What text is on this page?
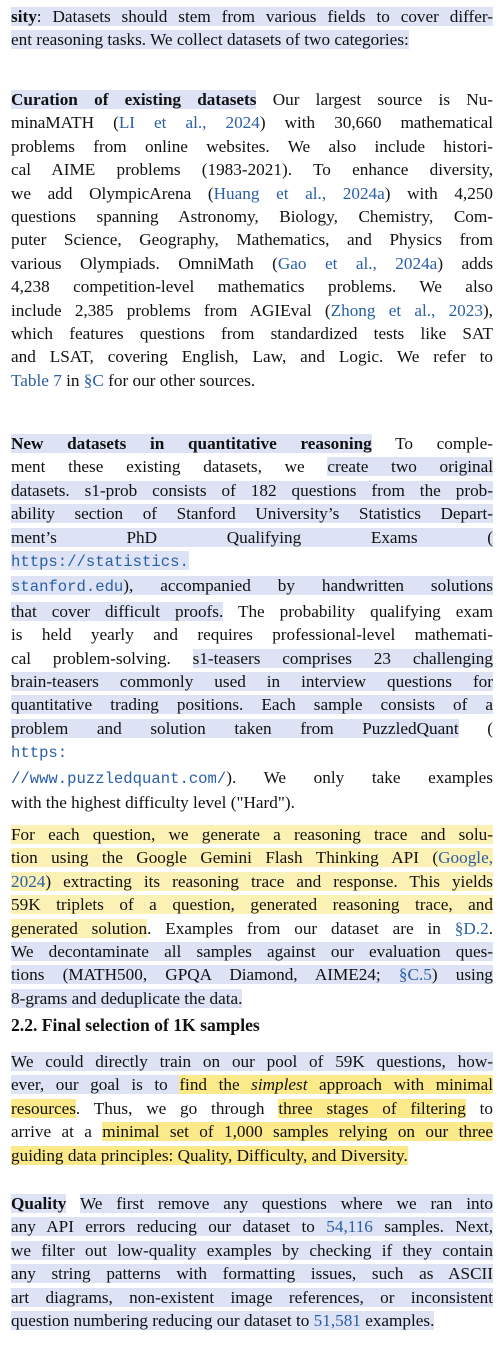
sity: Datasets should stem from various fields to cover differ-
ent reasoning tasks. We collect datasets of two categories:
Curation of existing datasets Our largest source is Nu-
minaMATH (LI et al., 2024) with 30,660 mathematical
problems from online websites. We also include histori-
cal AIME problems (1983-2021). To enhance diversity,
we add OlympicArena (Huang et al., 2024a) with 4,250
questions spanning Astronomy, Biology, Chemistry, Com-
puter Science, Geography, Mathematics, and Physics from
various Olympiads. OmniMath (Gao et al., 2024a) adds
4,238 competition-level mathematics problems. We also
include 2,385 problems from AGIEval (Zhong et al., 2023),
which features questions from standardized tests like SAT
and LSAT, covering English, Law, and Logic. We refer to
Table 7 in §C for our other sources.
New datasets in quantitative reasoning To comple-
ment these existing datasets, we create two original
datasets. s1-prob consists of 182 questions from the prob-
ability section of Stanford University’s Statistics Depart-
ment’s PhD Qualifying Exams (
https://statistics.
stanford.edu), accompanied by handwritten solutions
that cover difficult proofs. The probability qualifying exam
is held yearly and requires professional-level mathemati-
cal problem-solving. s1-teasers comprises 23 challenging
brain-teasers commonly used in interview questions for
quantitative trading positions. Each sample consists of a
problem and solution taken from PuzzledQuant (
https:
//www.puzzledquant.com/). We only take examples
with the highest difficulty level ("Hard").
For each question, we generate a reasoning trace and solu-
tion using the Google Gemini Flash Thinking API (Google,
2024) extracting its reasoning trace and response. This yields
59K triplets of a question, generated reasoning trace, and
generated solution. Examples from our dataset are in §D.2.
We decontaminate all samples against our evaluation ques-
tions (MATH500, GPQA Diamond, AIME24; §C.5) using
8-grams and deduplicate the data.
2.2. Final selection of 1K samples
We could directly train on our pool of 59K questions, how-
ever, our goal is to find the simplest approach with minimal
resources. Thus, we go through three stages of filtering to
arrive at a minimal set of 1,000 samples relying on our three
guiding data principles: Quality, Difficulty, and Diversity.
Quality We first remove any questions where we ran into
any API errors reducing our dataset to 54,116 samples. Next,
we filter out low-quality examples by checking if they contain
any string patterns with formatting issues, such as ASCII
art diagrams, non-existent image references, or inconsistent
question numbering reducing our dataset to 51,581 examples.
